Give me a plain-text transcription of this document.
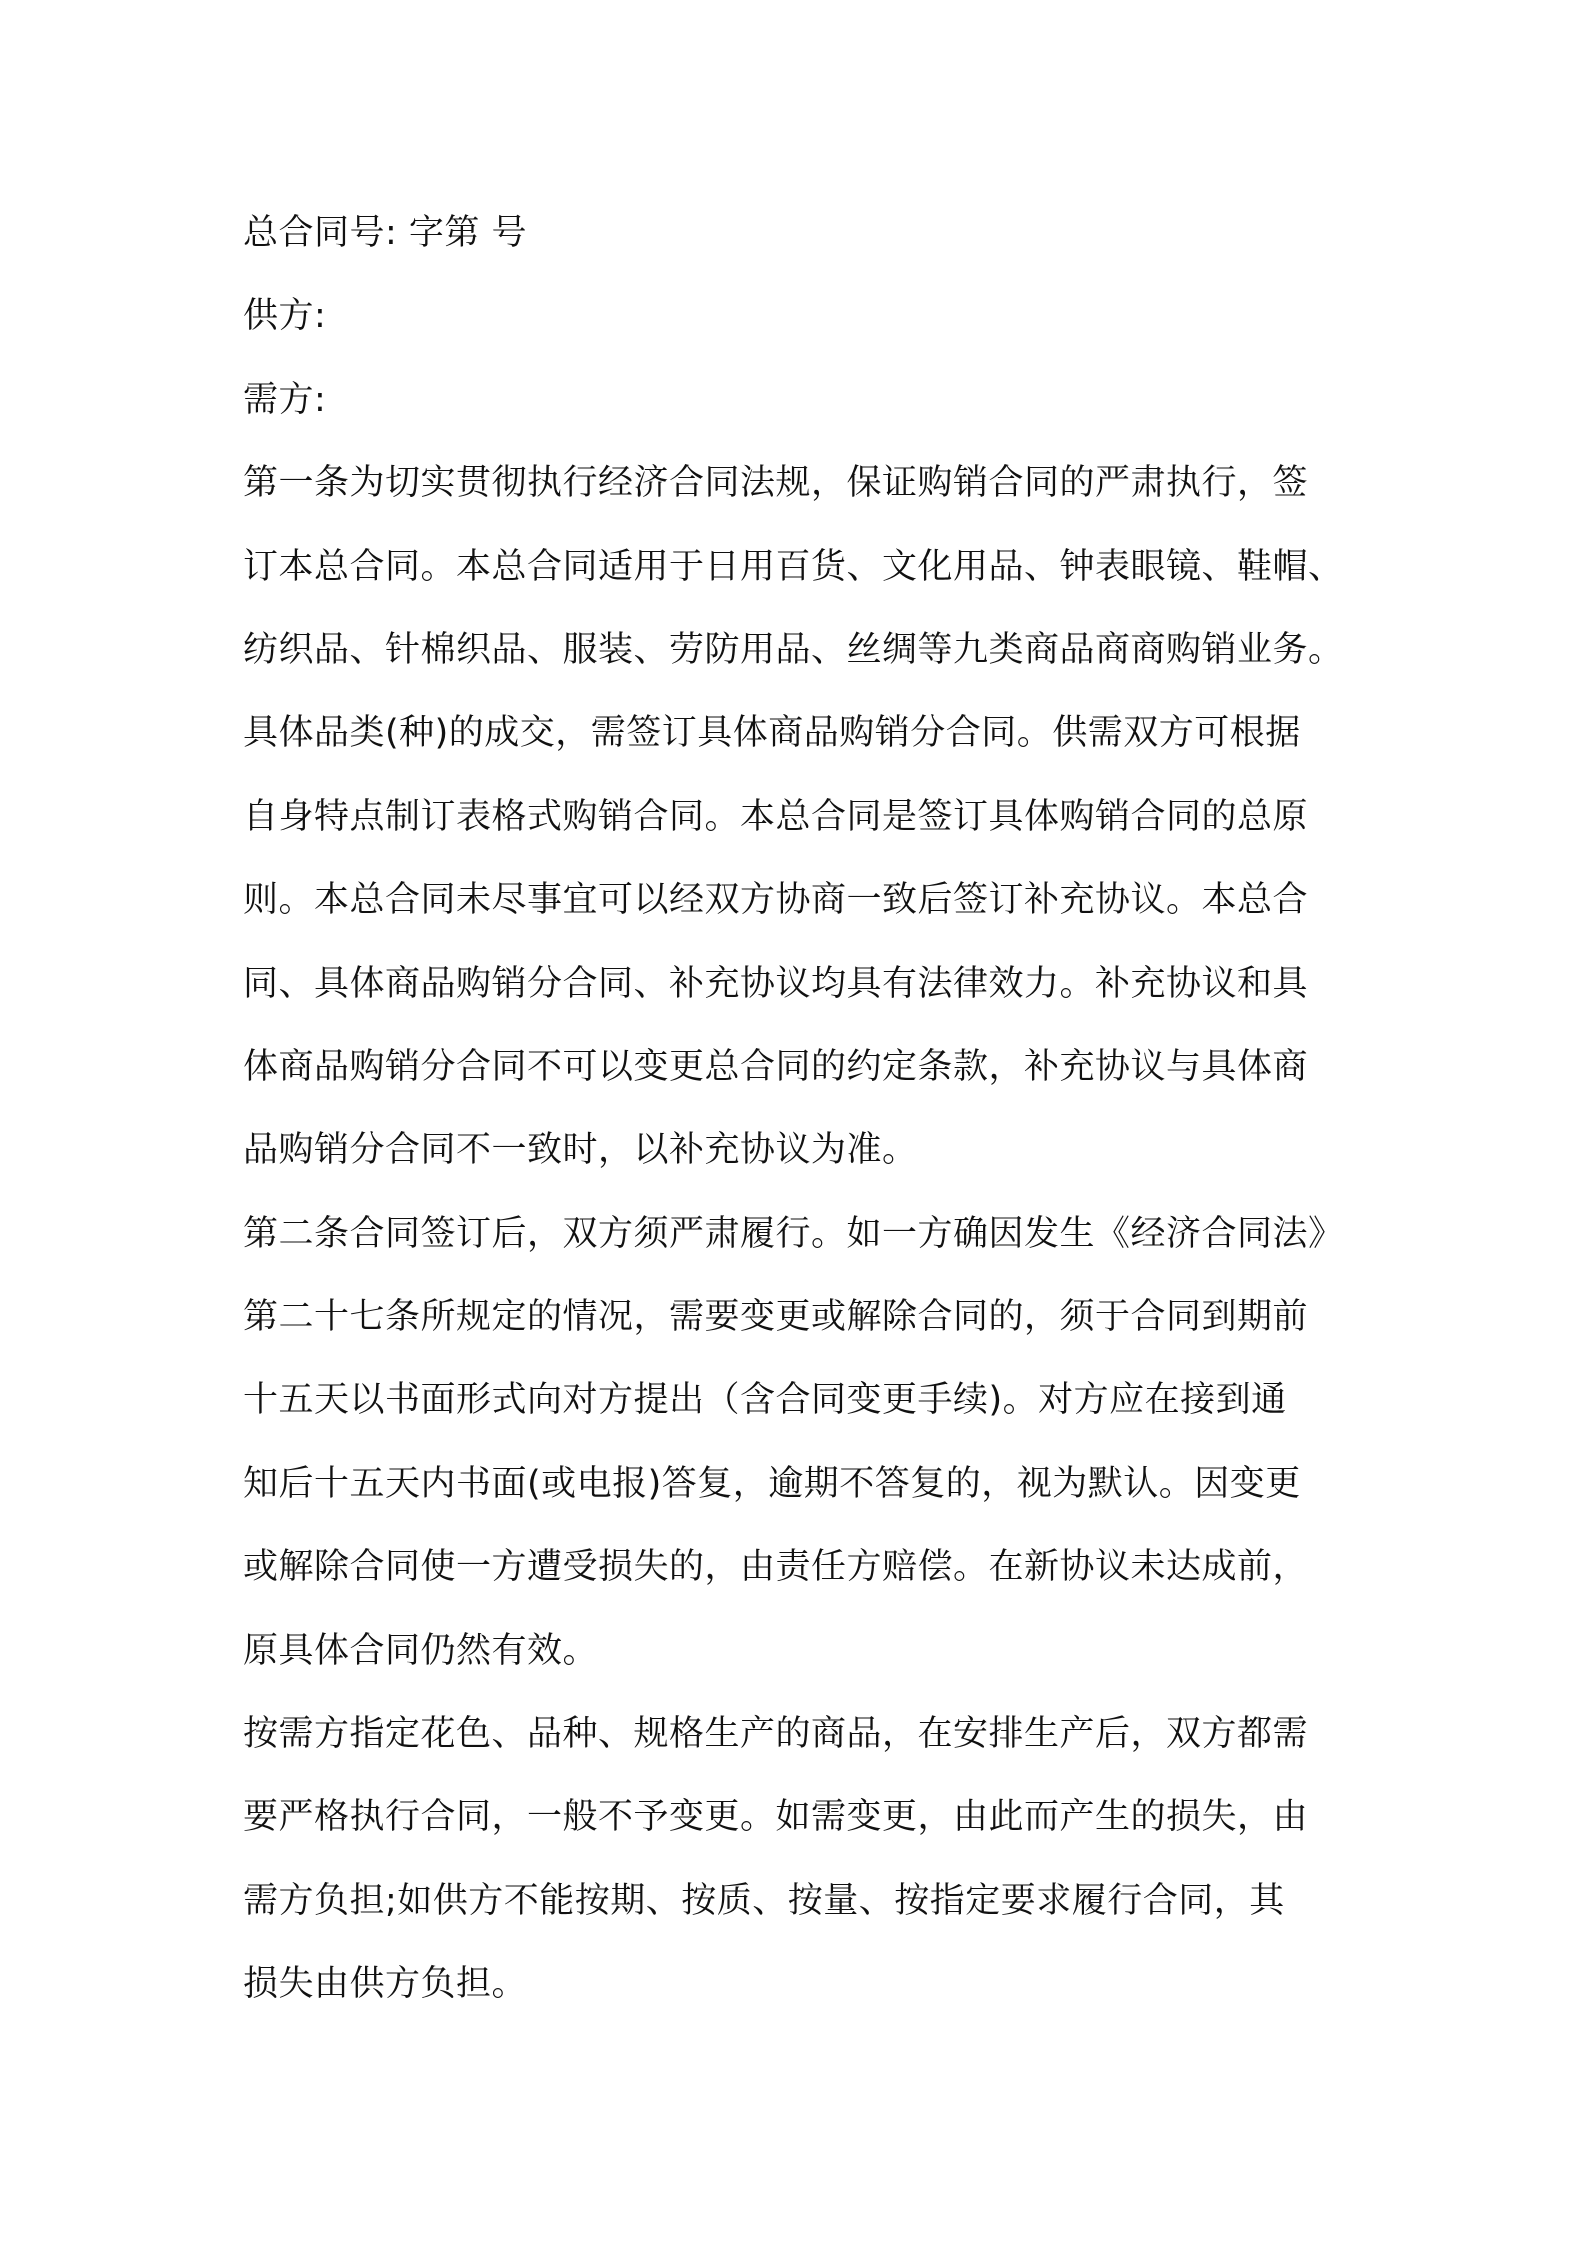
总合同号: 字第 号
供方:
需方:
第一条为切实贯彻执行经济合同法规，保证购销合同的严肃执行，签
订本总合同。本总合同适用于日用百货、文化用品、钟表眼镜、鞋帽、
纺织品、针棉织品、服装、劳防用品、丝绸等九类商品商商购销业务。
具体品类(种)的成交，需签订具体商品购销分合同。供需双方可根据
自身特点制订表格式购销合同。本总合同是签订具体购销合同的总原
则。本总合同未尽事宜可以经双方协商一致后签订补充协议。本总合
同、具体商品购销分合同、补充协议均具有法律效力。补充协议和具
体商品购销分合同不可以变更总合同的约定条款，补充协议与具体商
品购销分合同不一致时，以补充协议为准。
第二条合同签订后，双方须严肃履行。如一方确因发生《经济合同法》
第二十七条所规定的情况，需要变更或解除合同的，须于合同到期前
十五天以书面形式向对方提出（含合同变更手续)。对方应在接到通
知后十五天内书面(或电报)答复，逾期不答复的，视为默认。因变更
或解除合同使一方遭受损失的，由责任方赔偿。在新协议未达成前，
原具体合同仍然有效。
按需方指定花色、品种、规格生产的商品，在安排生产后，双方都需
要严格执行合同，一般不予变更。如需变更，由此而产生的损失，由
需方负担;如供方不能按期、按质、按量、按指定要求履行合同，其
损失由供方负担。
